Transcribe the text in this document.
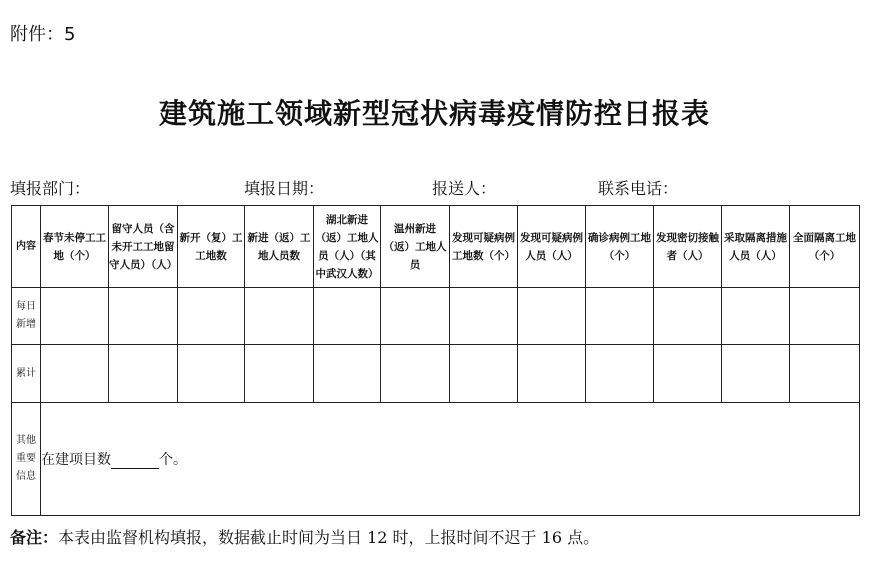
附件：5
建筑施工领域新型冠状病毒疫情防控日报表
填报部门：	填报日期：	报送人：	联系电话：
内容	春节未停工工地（个）	留守人员（含未开工工地留守人员）（人）	新开（复）工工地数	新进（返）工地人员数	湖北新进（返）工地人员（人）（其中武汉人数）	温州新进（返）工地人员	发现可疑病例工地数（个）	发现可疑病例人员（人）	确诊病例工地（个）	发现密切接触者（人）	采取隔离措施人员（人）	全面隔离工地（个）
每日新增												
累计												
其他重要信息	在建项目数 个。											
备注：本表由监督机构填报，数据截止时间为当日 12 时，上报时间不迟于 16 点。
